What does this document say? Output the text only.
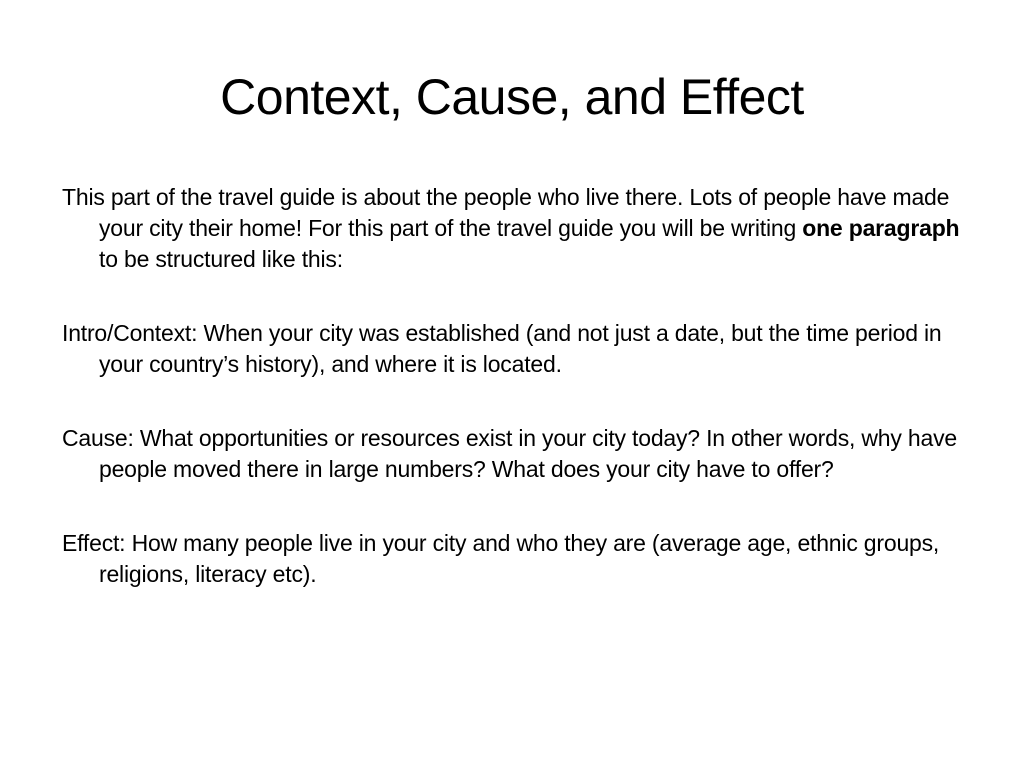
Context, Cause, and Effect

This part of the travel guide is about the people who live there. Lots of people have made your city their home! For this part of the travel guide you will be writing one paragraph to be structured like this:

Intro/Context: When your city was established (and not just a date, but the time period in your country’s history), and where it is located.

Cause: What opportunities or resources exist in your city today? In other words, why have people moved there in large numbers? What does your city have to offer?

Effect: How many people live in your city and who they are (average age, ethnic groups, religions, literacy etc).
